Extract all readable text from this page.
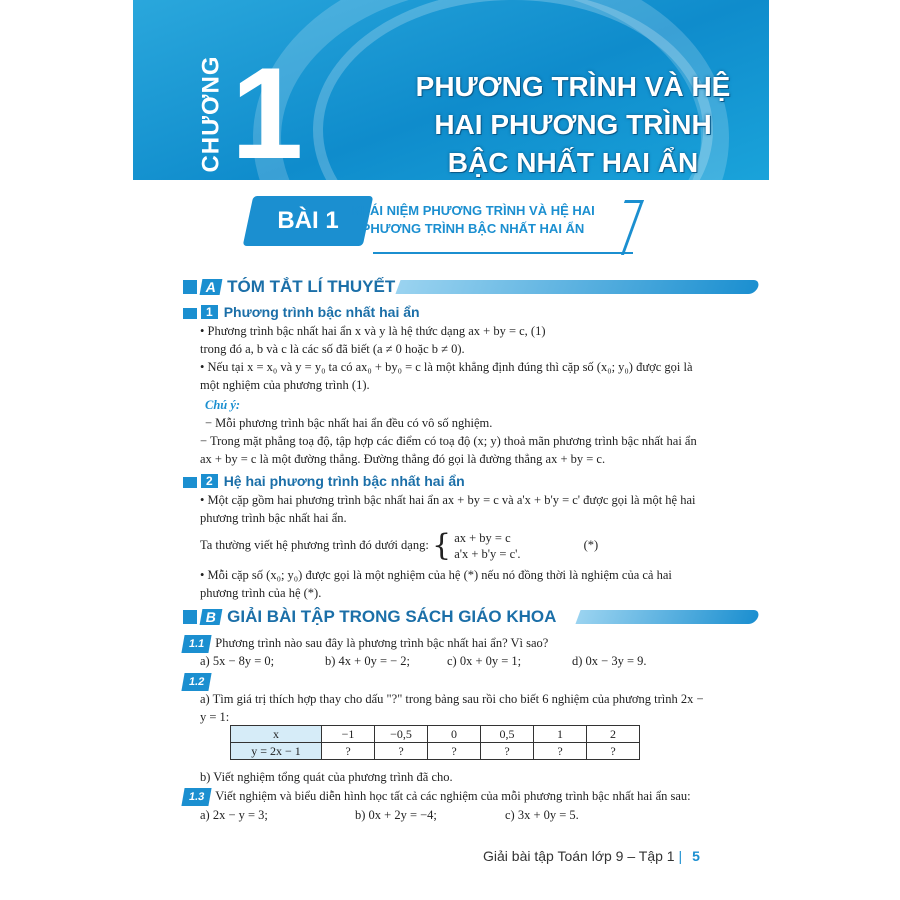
CHƯƠNG 1	PHƯƠNG TRÌNH VÀ HỆ
HAI PHƯƠNG TRÌNH
BẬC NHẤT HAI ẨN
BÀI 1 KHÁI NIỆM PHƯƠNG TRÌNH VÀ HỆ HAI
PHƯƠNG TRÌNH BẬC NHẤT HAI ẨN
A TÓM TẮT LÍ THUYẾT
1 Phương trình bậc nhất hai ẩn
• Phương trình bậc nhất hai ẩn x và y là hệ thức dạng ax + by = c, (1)
trong đó a, b và c là các số đã biết (a ≠ 0 hoặc b ≠ 0).
• Nếu tại x = x₀ và y = y₀ ta có ax₀ + by₀ = c là một khẳng định đúng thì cặp số (x₀; y₀) được gọi là một nghiệm của phương trình (1).
Chú ý:
− Mỗi phương trình bậc nhất hai ẩn đều có vô số nghiệm.
− Trong mặt phẳng toạ độ, tập hợp các điểm có toạ độ (x; y) thoả mãn phương trình bậc nhất hai ẩn ax + by = c là một đường thẳng. Đường thẳng đó gọi là đường thẳng ax + by = c.
2 Hệ hai phương trình bậc nhất hai ẩn
• Một cặp gồm hai phương trình bậc nhất hai ẩn ax + by = c và a'x + b'y = c' được gọi là một hệ hai phương trình bậc nhất hai ẩn.
Ta thường viết hệ phương trình đó dưới dạng: { ax + by = c
a'x + b'y = c'.
(*)
• Mỗi cặp số (x₀; y₀) được gọi là một nghiệm của hệ (*) nếu nó đồng thời là nghiệm của cả hai phương trình của hệ (*).
B GIẢI BÀI TẬP TRONG SÁCH GIÁO KHOA
1.1 Phương trình nào sau đây là phương trình bậc nhất hai ẩn? Vì sao?
a) 5x − 8y = 0;	b) 4x + 0y = − 2;	c) 0x + 0y = 1;	d) 0x − 3y = 9.
1.2
a) Tìm giá trị thích hợp thay cho dấu "?" trong bảng sau rồi cho biết 6 nghiệm của phương trình 2x − y = 1:
x	−1	−0,5	0	0,5	1	2
y = 2x − 1	?	?	?	?	?	?
b) Viết nghiệm tổng quát của phương trình đã cho.
1.3 Viết nghiệm và biểu diễn hình học tất cả các nghiệm của mỗi phương trình bậc nhất hai ẩn sau:
a) 2x − y = 3;	b) 0x + 2y = −4;	c) 3x + 0y = 5.
Giải bài tập Toán lớp 9 – Tập 1 | 5
